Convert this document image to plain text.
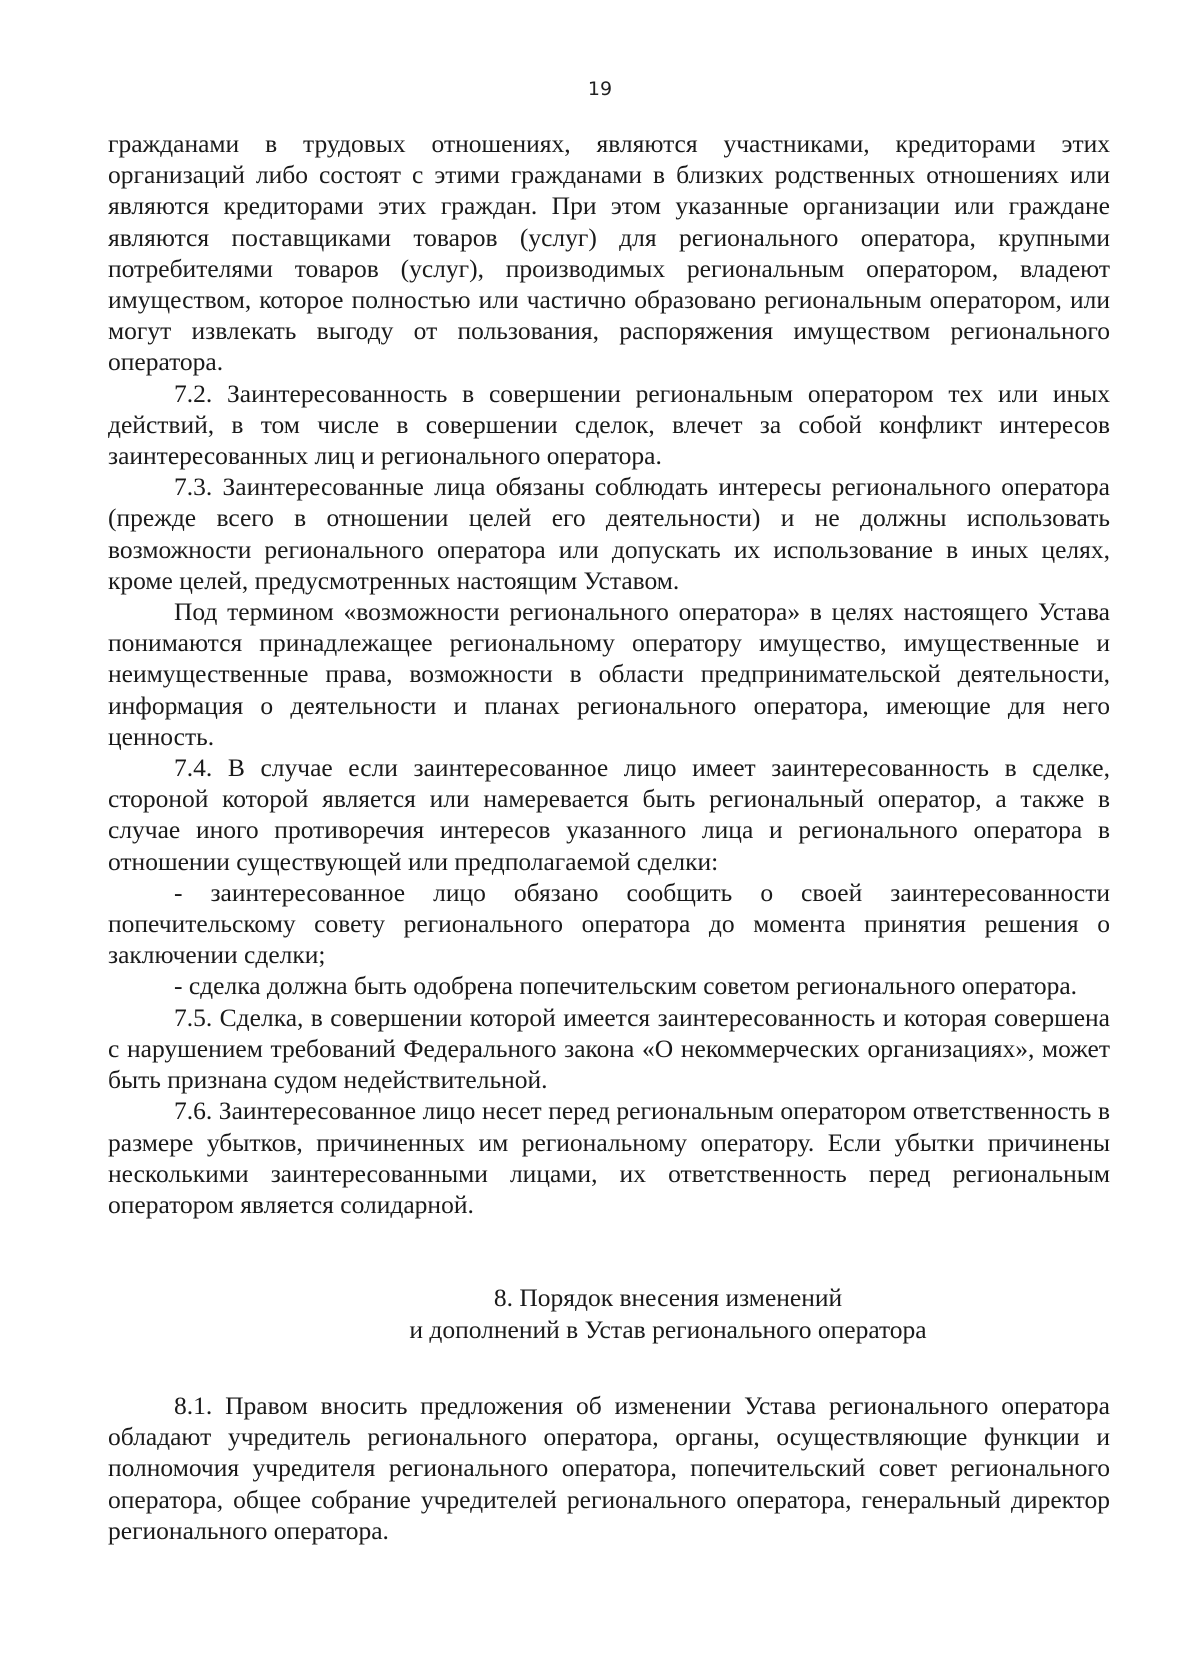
19

гражданами в трудовых отношениях, являются участниками, кредиторами этих организаций либо состоят с этими гражданами в близких родственных отношениях или являются кредиторами этих граждан. При этом указанные организации или граждане являются поставщиками товаров (услуг) для регионального оператора, крупными потребителями товаров (услуг), производимых региональным оператором, владеют имуществом, которое полностью или частично образовано региональным оператором, или могут извлекать выгоду от пользования, распоряжения имуществом регионального оператора.

7.2. Заинтересованность в совершении региональным оператором тех или иных действий, в том числе в совершении сделок, влечет за собой конфликт интересов заинтересованных лиц и регионального оператора.

7.3. Заинтересованные лица обязаны соблюдать интересы регионального оператора (прежде всего в отношении целей его деятельности) и не должны использовать возможности регионального оператора или допускать их использование в иных целях, кроме целей, предусмотренных настоящим Уставом.

Под термином «возможности регионального оператора» в целях настоящего Устава понимаются принадлежащее региональному оператору имущество, имущественные и неимущественные права, возможности в области предпринимательской деятельности, информация о деятельности и планах регионального оператора, имеющие для него ценность.

7.4. В случае если заинтересованное лицо имеет заинтересованность в сделке, стороной которой является или намеревается быть региональный оператор, а также в случае иного противоречия интересов указанного лица и регионального оператора в отношении существующей или предполагаемой сделки:

- заинтересованное лицо обязано сообщить о своей заинтересованности попечительскому совету регионального оператора до момента принятия решения о заключении сделки;

- сделка должна быть одобрена попечительским советом регионального оператора.

7.5. Сделка, в совершении которой имеется заинтересованность и которая совершена с нарушением требований Федерального закона «О некоммерческих организациях», может быть признана судом недействительной.

7.6. Заинтересованное лицо несет перед региональным оператором ответственность в размере убытков, причиненных им региональному оператору. Если убытки причинены несколькими заинтересованными лицами, их ответственность перед региональным оператором является солидарной.

8. Порядок внесения изменений
и дополнений в Устав регионального оператора

8.1. Правом вносить предложения об изменении Устава регионального оператора обладают учредитель регионального оператора, органы, осуществляющие функции и полномочия учредителя регионального оператора, попечительский совет регионального оператора, общее собрание учредителей регионального оператора, генеральный директор регионального оператора.
